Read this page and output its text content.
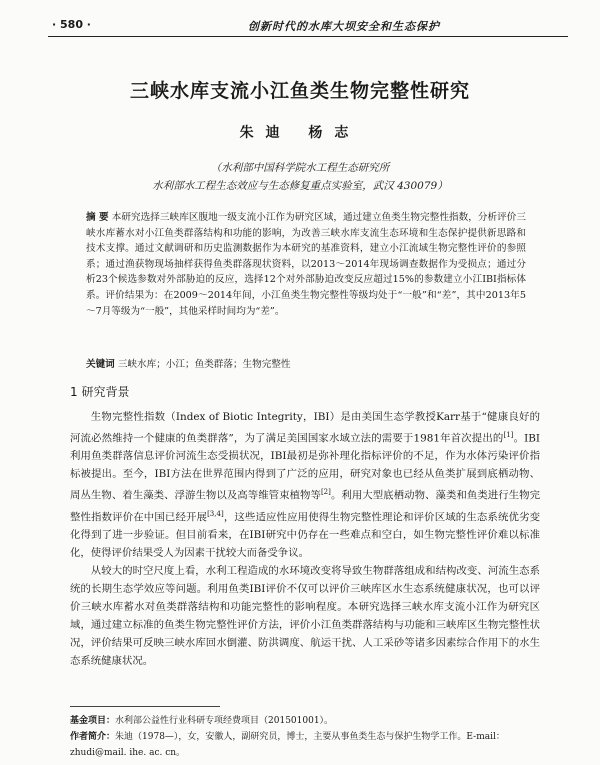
· 580 ·	创新时代的水库大坝安全和生态保护
三峡水库支流小江鱼类生物完整性研究
朱迪 杨志
（水利部中国科学院水工程生态研究所
水利部水工程生态效应与生态修复重点实验室，武汉 430079）
摘 要 本研究选择三峡库区腹地一级支流小江作为研究区域，通过建立鱼类生物完整性指数，分析评价三峡水库蓄水对小江鱼类群落结构和功能的影响，为改善三峡水库支流生态环境和生态保护提供新思路和技术支撑。通过文献调研和历史监测数据作为本研究的基准资料，建立小江流域生物完整性评价的参照系；通过渔获物现场抽样获得鱼类群落现状资料，以2013～2014年现场调查数据作为受损点；通过分析23个候选参数对外部胁迫的反应，选择12个对外部胁迫改变反应超过15%的参数建立小江IBI指标体系。评价结果为：在2009～2014年间，小江鱼类生物完整性等级均处于“一般”和“差”，其中2013年5～7月等级为“一般”，其他采样时间均为“差”。
关键词 三峡水库；小江；鱼类群落；生物完整性
1 研究背景

生物完整性指数（Index of Biotic Integrity，IBI）是由美国生态学教授Karr基于“健康良好的河流必然维持一个健康的鱼类群落”，为了满足美国国家水域立法的需要于1981年首次提出的[1]。IBI利用鱼类群落信息评价河流生态受损状况，IBI最初是弥补理化指标评价的不足，作为水体污染评价指标被提出。至今，IBI方法在世界范围内得到了广泛的应用，研究对象也已经从鱼类扩展到底栖动物、周丛生物、着生藻类、浮游生物以及高等维管束植物等[2]。利用大型底栖动物、藻类和鱼类进行生物完整性指数评价在中国已经开展[3,4]，这些适应性应用使得生物完整性理论和评价区域的生态系统优劣变化得到了进一步验证。但目前看来，在IBI研究中仍存在一些难点和空白，如生物完整性评价难以标准化，使得评价结果受人为因素干扰较大而备受争议。

从较大的时空尺度上看，水利工程造成的水环境改变将导致生物群落组成和结构改变、河流生态系统的长期生态学效应等问题。利用鱼类IBI评价不仅可以评价三峡库区水生态系统健康状况，也可以评价三峡水库蓄水对鱼类群落结构和功能完整性的影响程度。本研究选择三峡水库支流小江作为研究区域，通过建立标准的鱼类生物完整性评价方法，评价小江鱼类群落结构与功能和三峡库区生物完整性状况，评价结果可反映三峡水库回水倒灌、防洪调度、航运干扰、人工采砂等诸多因素综合作用下的水生态系统健康状况。

基金项目：水利部公益性行业科研专项经费项目（201501001）。
作者简介：朱迪（1978—），女，安徽人，副研究员，博士，主要从事鱼类生态与保护生物学工作。E-mail：
zhudi@mail. ihe. ac. cn。
